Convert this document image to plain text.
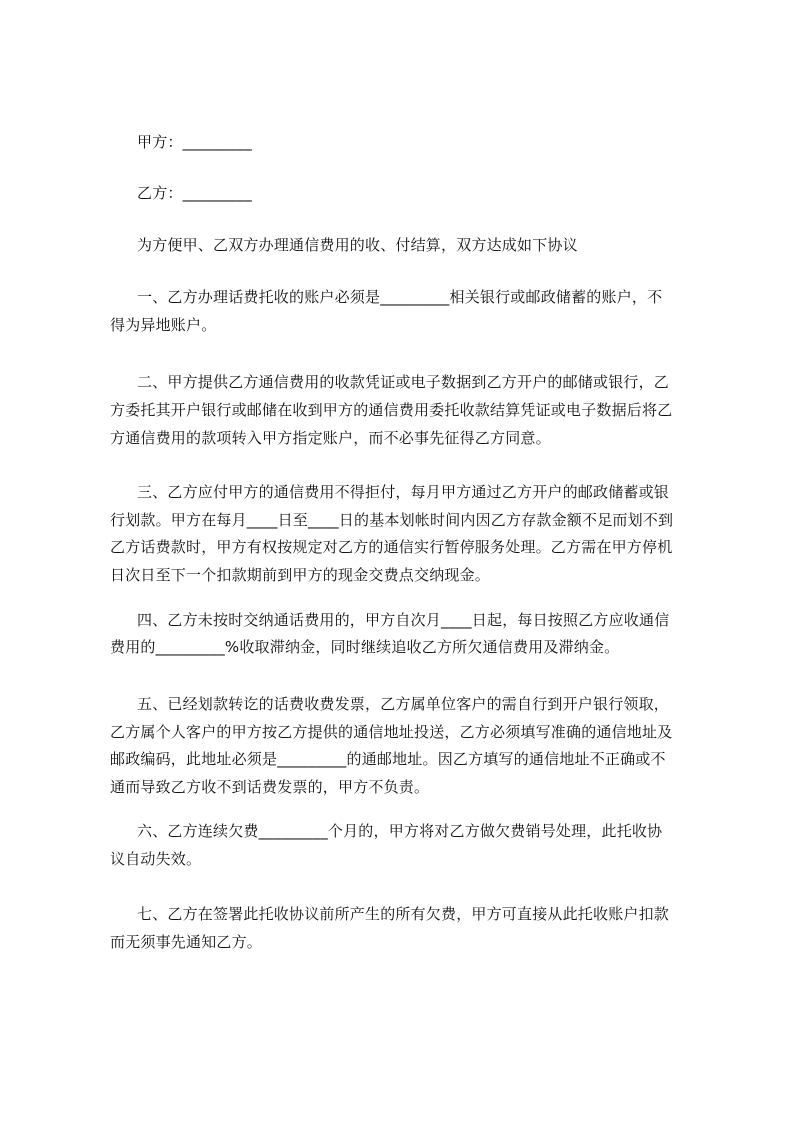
甲方：_________
乙方：_________
为方便甲、乙双方办理通信费用的收、付结算，双方达成如下协议
一、乙方办理话费托收的账户必须是_________相关银行或邮政储蓄的账户，不
得为异地账户。
二、甲方提供乙方通信费用的收款凭证或电子数据到乙方开户的邮储或银行，乙
方委托其开户银行或邮储在收到甲方的通信费用委托收款结算凭证或电子数据后将乙
方通信费用的款项转入甲方指定账户，而不必事先征得乙方同意。
三、乙方应付甲方的通信费用不得拒付，每月甲方通过乙方开户的邮政储蓄或银
行划款。甲方在每月____日至____日的基本划帐时间内因乙方存款金额不足而划不到
乙方话费款时，甲方有权按规定对乙方的通信实行暂停服务处理。乙方需在甲方停机
日次日至下一个扣款期前到甲方的现金交费点交纳现金。
四、乙方未按时交纳通话费用的，甲方自次月____日起，每日按照乙方应收通信
费用的_________%收取滞纳金，同时继续追收乙方所欠通信费用及滞纳金。
五、已经划款转讫的话费收费发票，乙方属单位客户的需自行到开户银行领取，
乙方属个人客户的甲方按乙方提供的通信地址投送，乙方必须填写准确的通信地址及
邮政编码，此地址必须是_________的通邮地址。因乙方填写的通信地址不正确或不
通而导致乙方收不到话费发票的，甲方不负责。
六、乙方连续欠费_________个月的，甲方将对乙方做欠费销号处理，此托收协
议自动失效。
七、乙方在签署此托收协议前所产生的所有欠费，甲方可直接从此托收账户扣款
而无须事先通知乙方。
